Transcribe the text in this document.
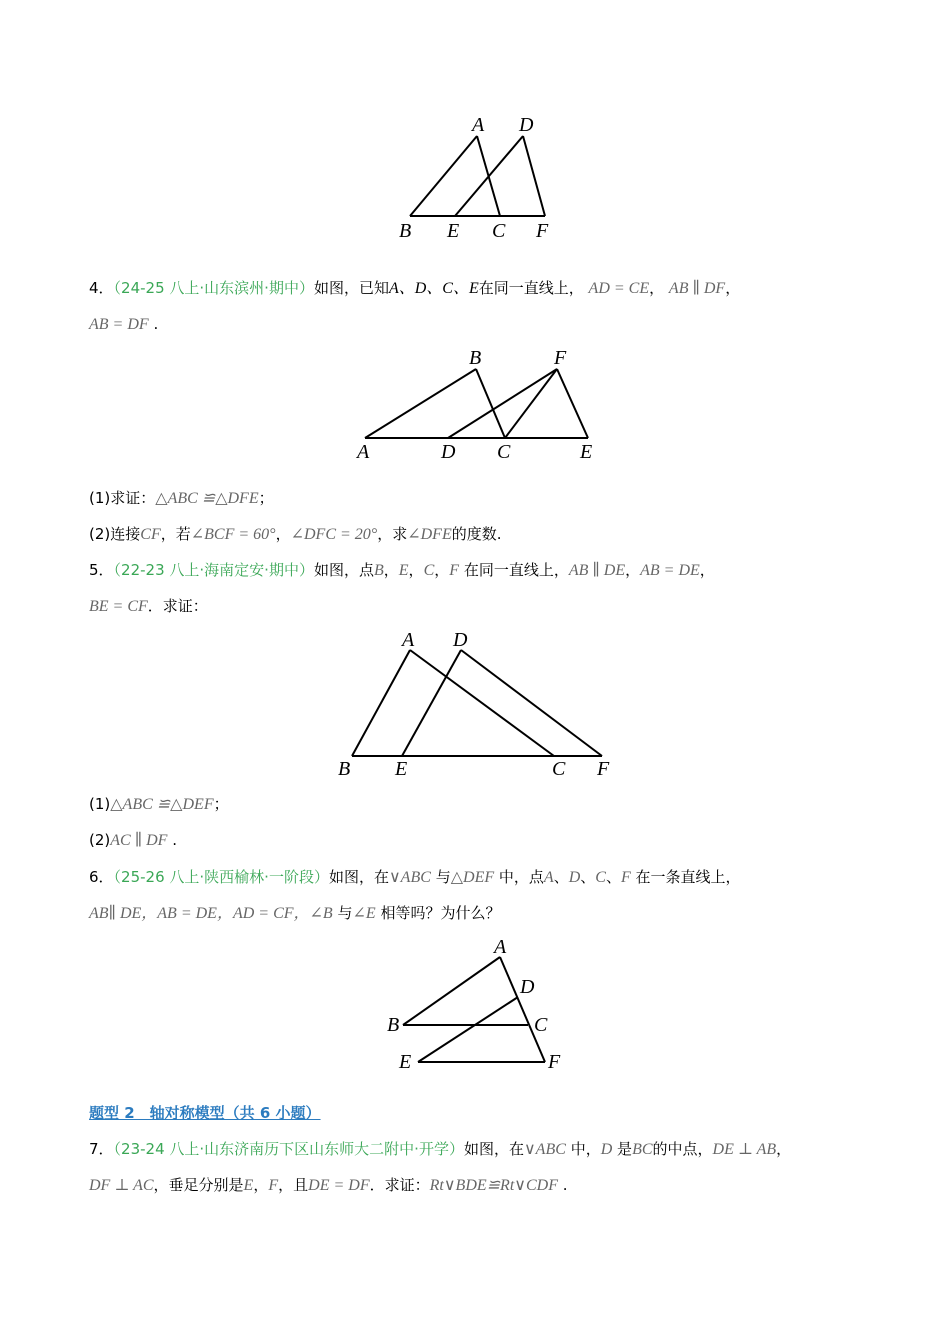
A D
B E C F
4．（24-25 八上·山东滨州·期中）如图，已知A、D、C、E在同一直线上， AD = CE， AB ∥ DF，
AB = DF .
B	F
A	D C	E
(1)求证：△ABC ≌△DFE；
(2)连接CF，若∠BCF = 60°，∠DFC = 20°，求∠DFE的度数.
5．（22-23 八上·海南定安·期中）如图，点B，E，C，F 在同一直线上，AB ∥ DE，AB = DE，
BE = CF．求证：
A D
B E	C F
(1)△ABC ≌△DEF；
(2)AC ∥ DF .
6．（25-26 八上·陕西榆林·一阶段）如图，在∨ABC 与△DEF 中，点A、D、C、F 在一条直线上，
AB∥ DE，AB = DE，AD = CF，∠B 与∠E 相等吗？为什么？
A
D
B	C
E	F
题型 2　轴对称模型（共 6 小题）
7．（23-24 八上·山东济南历下区山东师大二附中·开学）如图，在∨ABC 中，D 是BC的中点，DE ⊥ AB，
DF ⊥ AC，垂足分别是E，F，且DE = DF．求证：Rt∨BDE≌Rt∨CDF .
